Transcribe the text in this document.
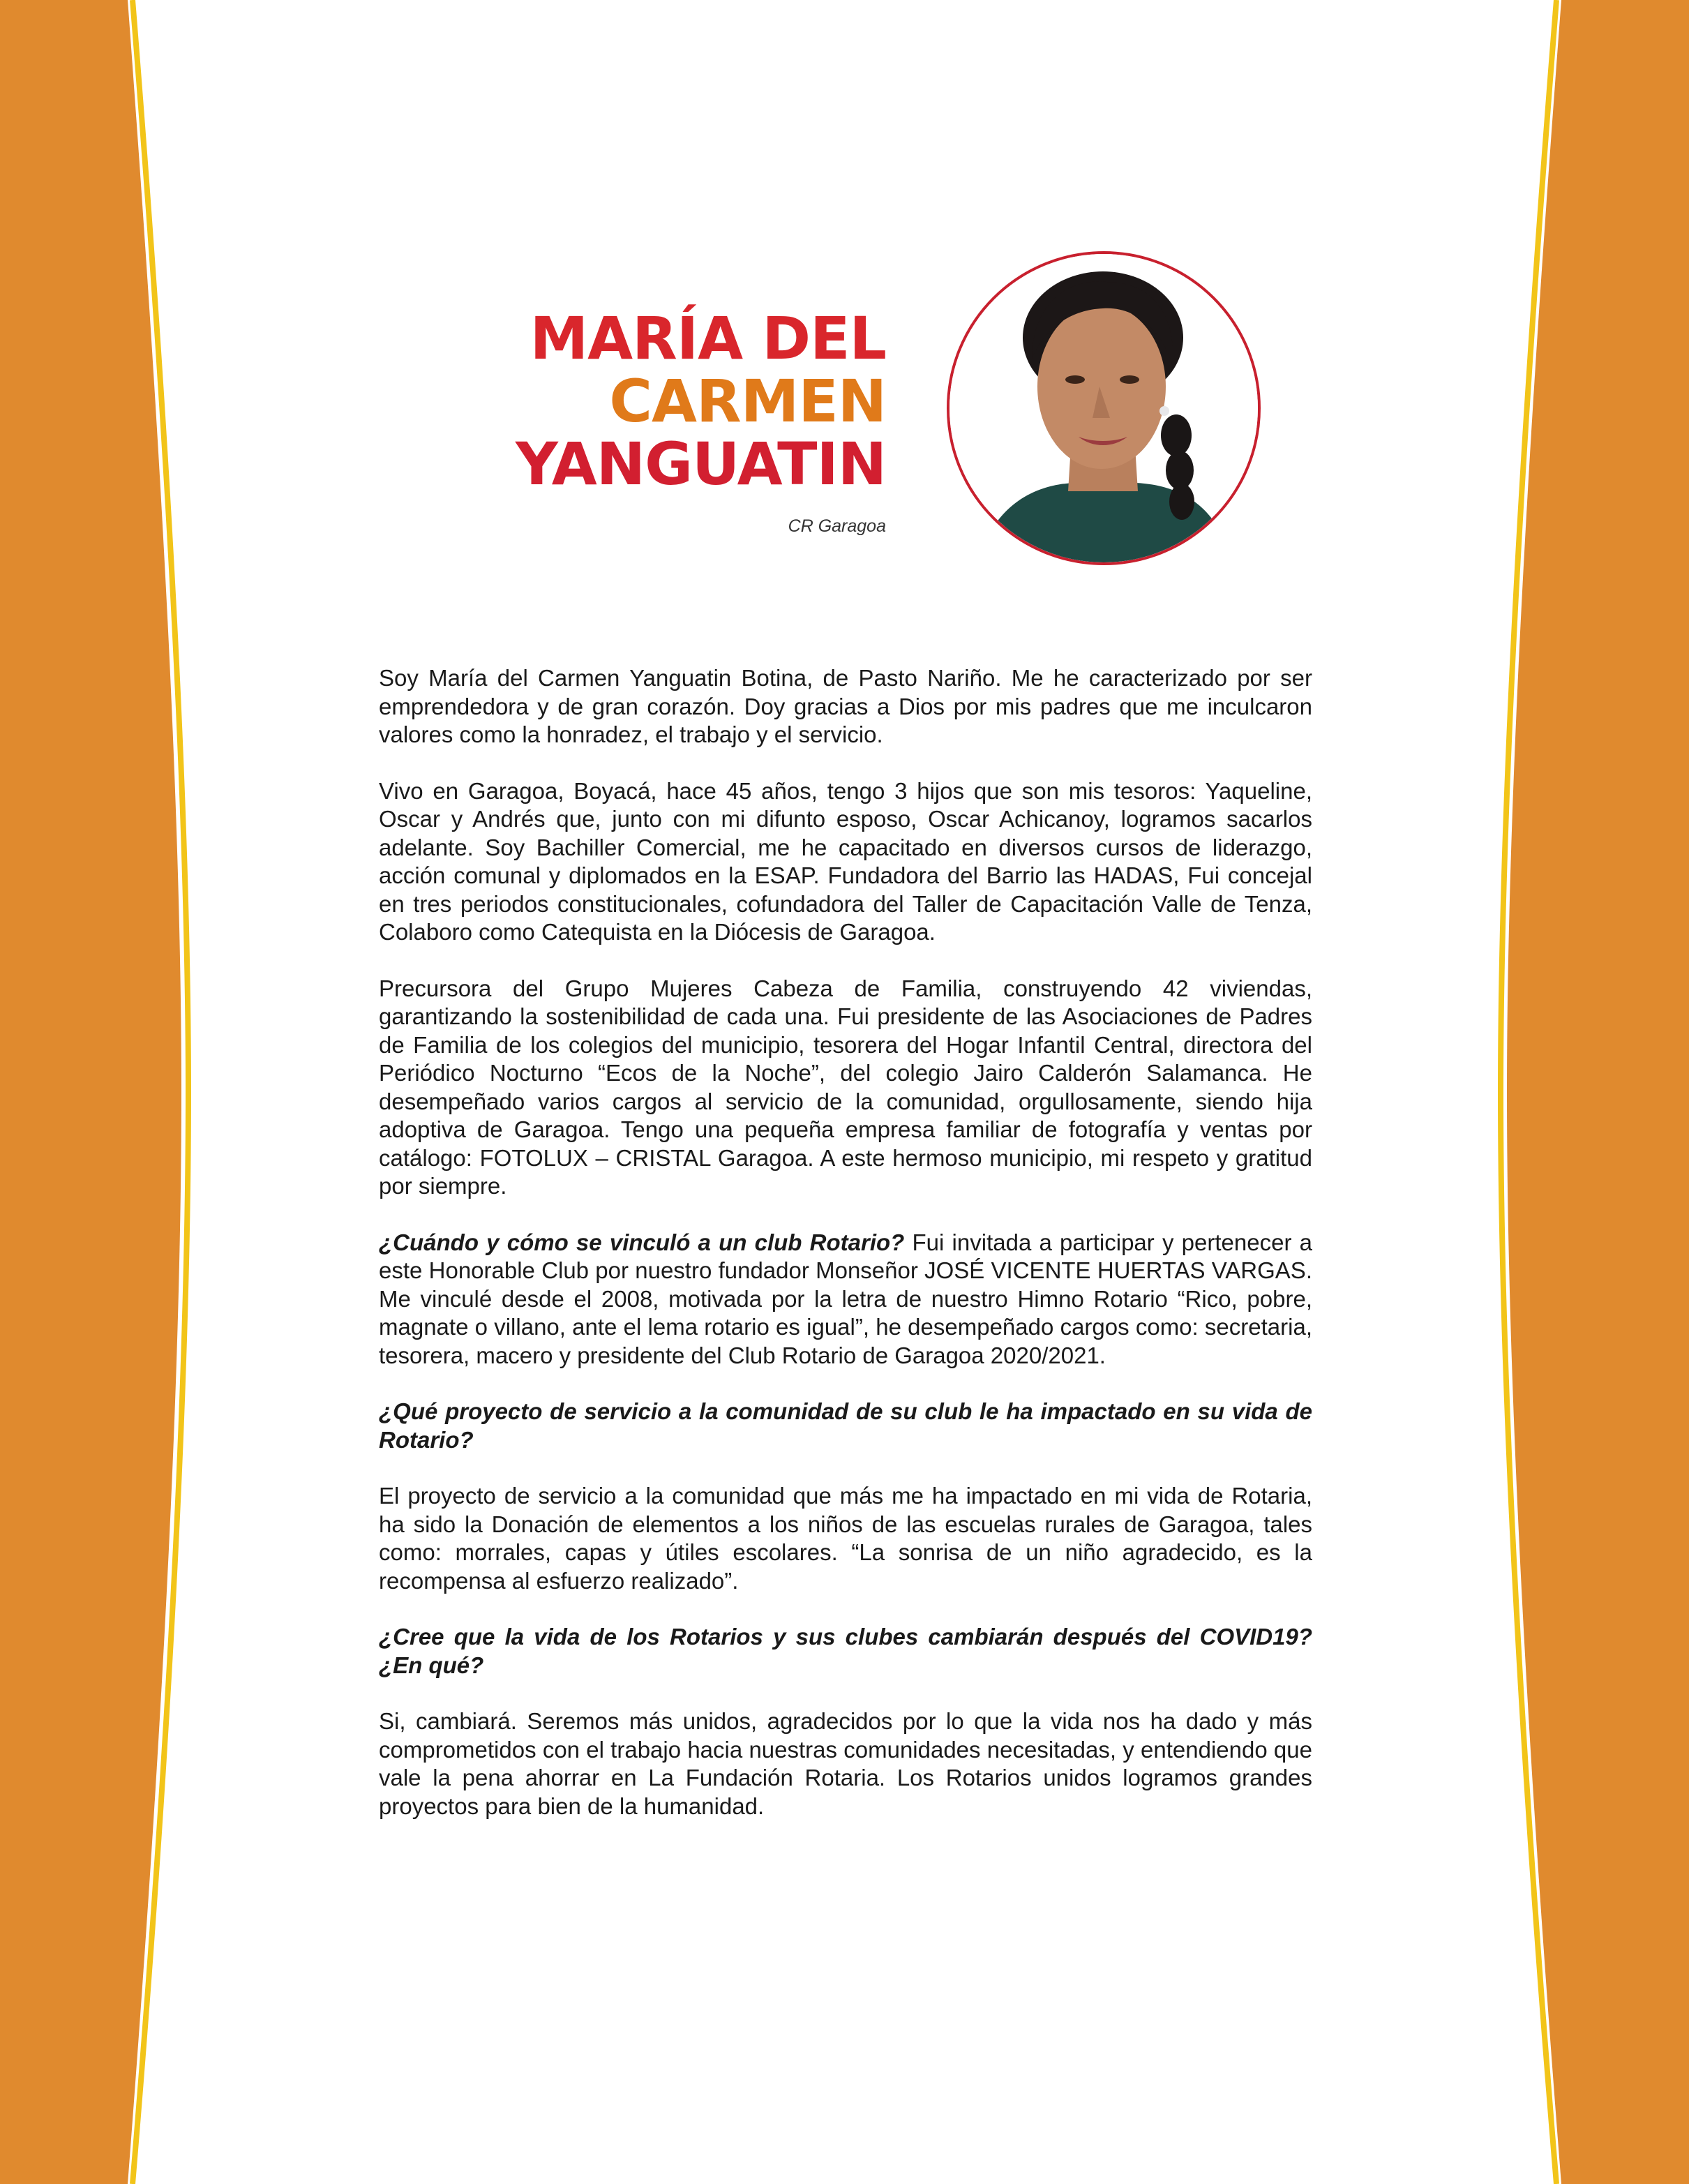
MARÍA DEL
CARMEN
YANGUATIN
CR Garagoa

Soy María del Carmen Yanguatin Botina, de Pasto Nariño. Me he caracterizado por ser emprendedora y de gran corazón. Doy gracias a Dios por mis padres que me inculcaron valores como la honradez, el trabajo y el servicio.

Vivo en Garagoa, Boyacá, hace 45 años, tengo 3 hijos que son mis tesoros: Yaqueline, Oscar y Andrés que, junto con mi difunto esposo, Oscar Achicanoy, logramos sacarlos adelante. Soy Bachiller Comercial, me he capacitado en diversos cursos de liderazgo, acción comunal y diplomados en la ESAP. Fundadora del Barrio las HADAS, Fui concejal en tres periodos constitucionales, cofundadora del Taller de Capacitación Valle de Tenza, Colaboro como Catequista en la Diócesis de Garagoa.

Precursora del Grupo Mujeres Cabeza de Familia, construyendo 42 viviendas, garantizando la sostenibilidad de cada una. Fui presidente de las Asociaciones de Padres de Familia de los colegios del municipio, tesorera del Hogar Infantil Central, directora del Periódico Nocturno “Ecos de la Noche”, del colegio Jairo Calderón Salamanca. He desempeñado varios cargos al servicio de la comunidad, orgullosamente, siendo hija adoptiva de Garagoa. Tengo una pequeña empresa familiar de fotografía y ventas por catálogo: FOTOLUX – CRISTAL Garagoa. A este hermoso municipio, mi respeto y gratitud por siempre.

¿Cuándo y cómo se vinculó a un club Rotario? Fui invitada a participar y pertenecer a este Honorable Club por nuestro fundador Monseñor JOSÉ VICENTE HUERTAS VARGAS. Me vinculé desde el 2008, motivada por la letra de nuestro Himno Rotario “Rico, pobre, magnate o villano, ante el lema rotario es igual”, he desempeñado cargos como: secretaria, tesorera, macero y presidente del Club Rotario de Garagoa 2020/2021.

¿Qué proyecto de servicio a la comunidad de su club le ha impactado en su vida de Rotario?

El proyecto de servicio a la comunidad que más me ha impactado en mi vida de Rotaria, ha sido la Donación de elementos a los niños de las escuelas rurales de Garagoa, tales como: morrales, capas y útiles escolares. “La sonrisa de un niño agradecido, es la recompensa al esfuerzo realizado”.

¿Cree que la vida de los Rotarios y sus clubes cambiarán después del COVID19? ¿En qué?

Si, cambiará. Seremos más unidos, agradecidos por lo que la vida nos ha dado y más comprometidos con el trabajo hacia nuestras comunidades necesitadas, y entendiendo que vale la pena ahorrar en La Fundación Rotaria. Los Rotarios unidos logramos grandes proyectos para bien de la humanidad.
